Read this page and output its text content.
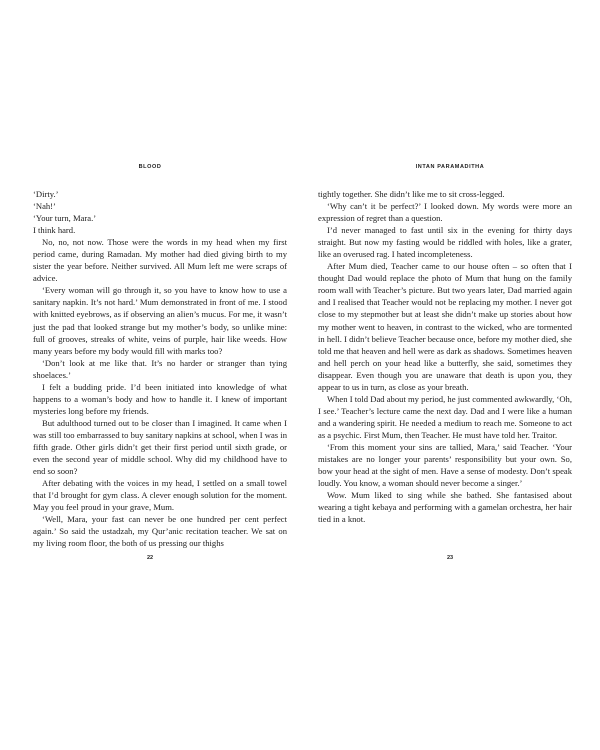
BLOOD

‘Dirty.’

‘Nah!’

‘Your turn, Mara.’

I think hard.

No, no, not now. Those were the words in my head when my first period came, during Ramadan. My mother had died giving birth to my sister the year before. Neither survived. All Mum left me were scraps of advice.

‘Every woman will go through it, so you have to know how to use a sanitary napkin. It’s not hard.’ Mum demonstrated in front of me. I stood with knitted eyebrows, as if observing an alien’s mucus. For me, it wasn’t just the pad that looked strange but my mother’s body, so unlike mine: full of grooves, streaks of white, veins of purple, hair like weeds. How many years before my body would fill with marks too?

‘Don’t look at me like that. It’s no harder or stranger than tying shoelaces.’

I felt a budding pride. I’d been initiated into knowledge of what happens to a woman’s body and how to handle it. I knew of important mysteries long before my friends.

But adulthood turned out to be closer than I imagined. It came when I was still too embarrassed to buy sanitary napkins at school, when I was in fifth grade. Other girls didn’t get their first period until sixth grade, or even the second year of middle school. Why did my childhood have to end so soon?

After debating with the voices in my head, I settled on a small towel that I’d brought for gym class. A clever enough solution for the moment. May you feel proud in your grave, Mum.

‘Well, Mara, your fast can never be one hundred per cent perfect again.’ So said the ustadzah, my Qur’anic recitation teacher. We sat on my living room floor, the both of us pressing our thighs

22
INTAN PARAMADITHA

tightly together. She didn’t like me to sit cross-legged.

‘Why can’t it be perfect?’ I looked down. My words were more an expression of regret than a question.

I’d never managed to fast until six in the evening for thirty days straight. But now my fasting would be riddled with holes, like a grater, like an overused rag. I hated incompleteness.

After Mum died, Teacher came to our house often – so often that I thought Dad would replace the photo of Mum that hung on the family room wall with Teacher’s picture. But two years later, Dad married again and I realised that Teacher would not be replacing my mother. I never got close to my stepmother but at least she didn’t make up stories about how my mother went to heaven, in contrast to the wicked, who are tormented in hell. I didn’t believe Teacher because once, before my mother died, she told me that heaven and hell were as dark as shadows. Sometimes heaven and hell perch on your head like a butterfly, she said, sometimes they disappear. Even though you are unaware that death is upon you, they appear to us in turn, as close as your breath.

When I told Dad about my period, he just commented awkwardly, ‘Oh, I see.’ Teacher’s lecture came the next day. Dad and I were like a human and a wandering spirit. He needed a medium to reach me. Someone to act as a psychic. First Mum, then Teacher. He must have told her. Traitor.

‘From this moment your sins are tallied, Mara,’ said Teacher. ‘Your mistakes are no longer your parents’ responsibility but your own. So, bow your head at the sight of men. Have a sense of modesty. Don’t speak loudly. You know, a woman should never become a singer.’

Wow. Mum liked to sing while she bathed. She fantasised about wearing a tight kebaya and performing with a gamelan orchestra, her hair tied in a knot.

23
